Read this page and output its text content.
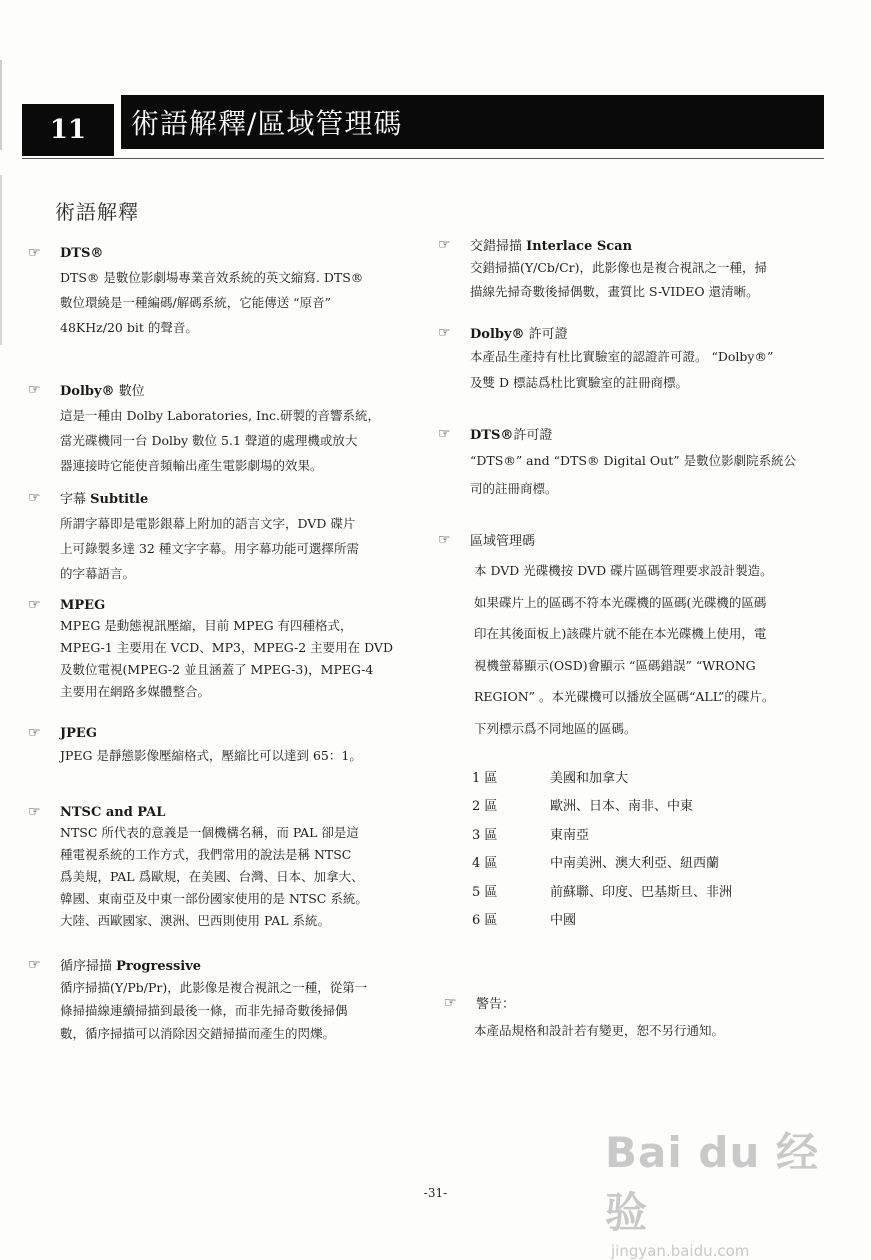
11	術語解釋/區域管理碼
術語解釋
☞	DTS®

DTS® 是數位影劇場專業音效系統的英文縮寫. DTS®

數位環繞是一種編碼/解碼系統，它能傳送 “原音”

48KHz/20 bit 的聲音。

☞	Dolby® 數位

這是一種由 Dolby Laboratories, Inc.研製的音響系統，

當光碟機同一台 Dolby 數位 5.1 聲道的處理機或放大

器連接時它能使音頻輸出產生電影劇場的效果。

☞	字幕 Subtitle

所謂字幕即是電影銀幕上附加的語言文字，DVD 碟片

上可錄製多達 32 種文字字幕。用字幕功能可選擇所需

的字幕語言。

☞	MPEG

MPEG 是動態視訊壓縮，目前 MPEG 有四種格式，

MPEG-1 主要用在 VCD、MP3，MPEG-2 主要用在 DVD

及數位電視(MPEG-2 並且涵蓋了 MPEG-3)，MPEG-4

主要用在網路多媒體整合。

☞	JPEG

JPEG 是靜態影像壓縮格式，壓縮比可以達到 65：1。

☞	NTSC and PAL

NTSC 所代表的意義是一個機構名稱，而 PAL 卻是這

種電視系統的工作方式，我們常用的說法是稱 NTSC

爲美規，PAL 爲歐規，在美國、台灣、日本、加拿大、

韓國、東南亞及中東一部份國家使用的是 NTSC 系統。

大陸、西歐國家、澳洲、巴西則使用 PAL 系統。

☞	循序掃描 Progressive

循序掃描(Y/Pb/Pr)，此影像是複合視訊之一種，從第一

條掃描線連續掃描到最後一條，而非先掃奇數後掃偶

數，循序掃描可以消除因交錯掃描而產生的閃爍。

☞	交錯掃描 Interlace Scan

交錯掃描(Y/Cb/Cr)，此影像也是複合視訊之一種，掃

描線先掃奇數後掃偶數，畫質比 S-VIDEO 還清晰。

☞	Dolby® 許可證

本產品生產持有杜比實驗室的認證許可證。 “Dolby®”

及雙 D 標誌爲杜比實驗室的註冊商標。

☞	DTS®許可證

“DTS®” and “DTS® Digital Out” 是數位影劇院系統公

司的註冊商標。

☞	區域管理碼

本 DVD 光碟機按 DVD 碟片區碼管理要求設計製造。

如果碟片上的區碼不符本光碟機的區碼(光碟機的區碼

印在其後面板上)該碟片就不能在本光碟機上使用，電

視機螢幕顯示(OSD)會顯示 “區碼錯誤” “WRONG

REGION” 。本光碟機可以播放全區碼“ALL”的碟片。

下列標示爲不同地區的區碼。

1 區	美國和加拿大
2 區	歐洲、日本、南非、中東
3 區	東南亞
4 區	中南美洲、澳大利亞、紐西蘭
5 區	前蘇聯、印度、巴基斯旦、非洲
6 區	中國
☞	警告：

本產品規格和設計若有變更，恕不另行通知。

-31-
Bai du 经验
jingyan.baidu.com
